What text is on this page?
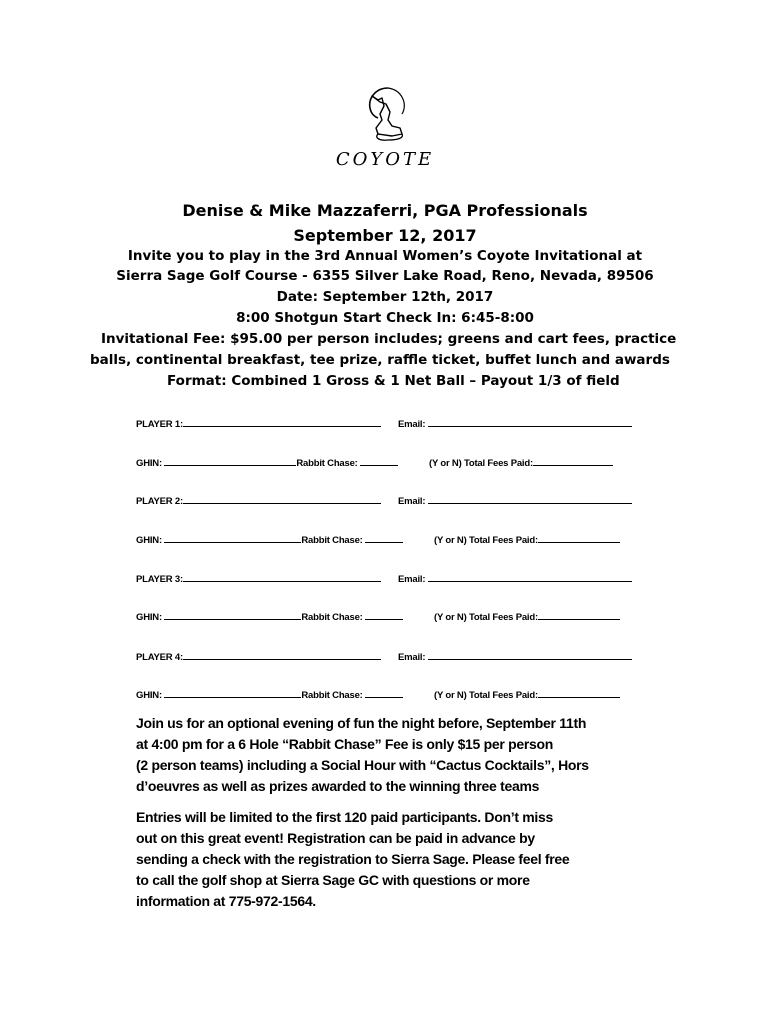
COYOTE
Denise & Mike Mazzaferri, PGA Professionals
September 12, 2017
Invite you to play in the 3rd Annual Women’s Coyote Invitational at
Sierra Sage Golf Course - 6355 Silver Lake Road, Reno, Nevada, 89506
Date: September 12th, 2017
8:00 Shotgun Start Check In: 6:45-8:00
Invitational Fee: $95.00 per person includes; greens and cart fees, practice
balls, continental breakfast, tee prize, raffle ticket, buffet lunch and awards
Format: Combined 1 Gross & 1 Net Ball – Payout 1/3 of field
PLAYER 1:	Email:
GHIN:	Rabbit Chase:	(Y or N) Total Fees Paid:
PLAYER 2:	Email:
GHIN:	Rabbit Chase:	(Y or N) Total Fees Paid:
PLAYER 3:	Email:
GHIN:	Rabbit Chase:	(Y or N) Total Fees Paid:
PLAYER 4:	Email:
GHIN:	Rabbit Chase:	(Y or N) Total Fees Paid:
Join us for an optional evening of fun the night before, September 11th
at 4:00 pm for a 6 Hole “Rabbit Chase” Fee is only $15 per person
(2 person teams) including a Social Hour with “Cactus Cocktails”, Hors
d’oeuvres as well as prizes awarded to the winning three teams
Entries will be limited to the first 120 paid participants. Don’t miss
out on this great event! Registration can be paid in advance by
sending a check with the registration to Sierra Sage. Please feel free
to call the golf shop at Sierra Sage GC with questions or more
information at 775-972-1564.
